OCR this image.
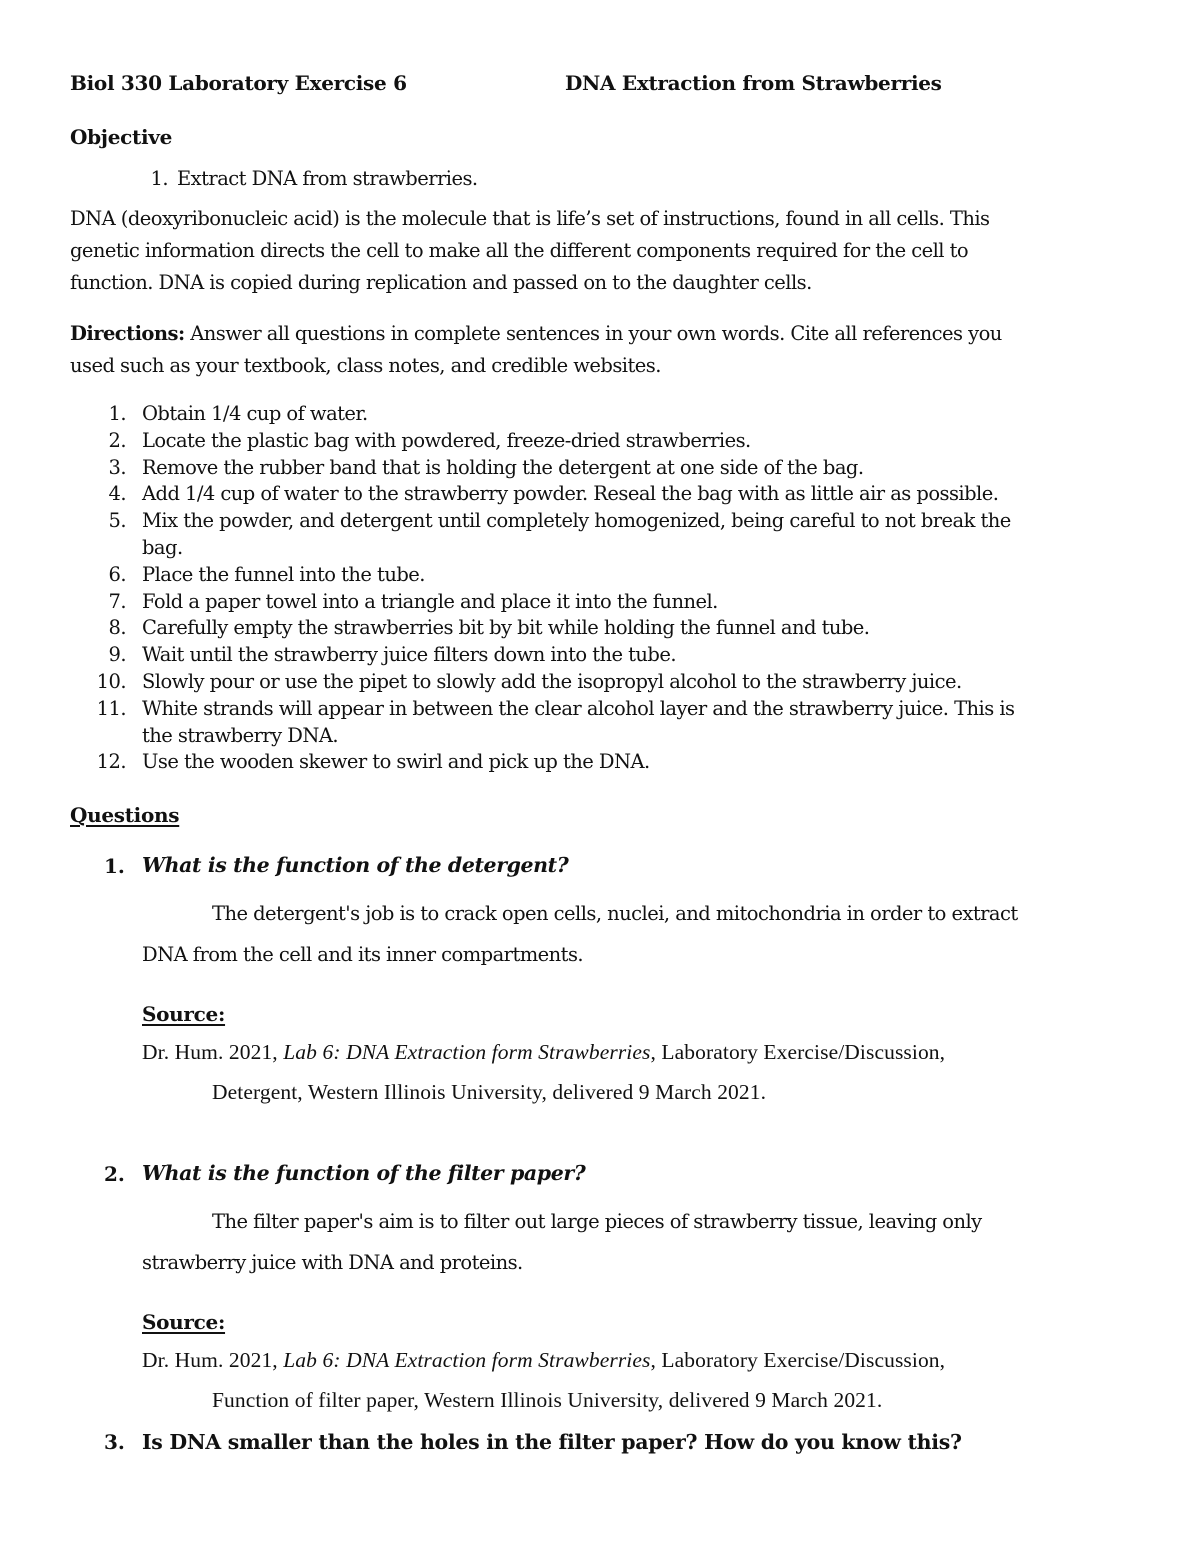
Biol 330 Laboratory Exercise 6	DNA Extraction from Strawberries
Objective
1. Extract DNA from strawberries.
DNA (deoxyribonucleic acid) is the molecule that is life’s set of instructions, found in all cells. This
genetic information directs the cell to make all the different components required for the cell to
function. DNA is copied during replication and passed on to the daughter cells.
Directions: Answer all questions in complete sentences in your own words. Cite all references you
used such as your textbook, class notes, and credible websites.
1. Obtain 1/4 cup of water.
2. Locate the plastic bag with powdered, freeze-dried strawberries.
3. Remove the rubber band that is holding the detergent at one side of the bag.
4. Add 1/4 cup of water to the strawberry powder. Reseal the bag with as little air as possible.
5. Mix the powder, and detergent until completely homogenized, being careful to not break the
bag.
6. Place the funnel into the tube.
7. Fold a paper towel into a triangle and place it into the funnel.
8. Carefully empty the strawberries bit by bit while holding the funnel and tube.
9. Wait until the strawberry juice filters down into the tube.
10. Slowly pour or use the pipet to slowly add the isopropyl alcohol to the strawberry juice.
11. White strands will appear in between the clear alcohol layer and the strawberry juice. This is
the strawberry DNA.
12. Use the wooden skewer to swirl and pick up the DNA.
Questions
1. What is the function of the detergent?
The detergent's job is to crack open cells, nuclei, and mitochondria in order to extract
DNA from the cell and its inner compartments.
Source:
Dr. Hum. 2021, Lab 6: DNA Extraction form Strawberries, Laboratory Exercise/Discussion,
Detergent, Western Illinois University, delivered 9 March 2021.
2. What is the function of the filter paper?
The filter paper's aim is to filter out large pieces of strawberry tissue, leaving only
strawberry juice with DNA and proteins.
Source:
Dr. Hum. 2021, Lab 6: DNA Extraction form Strawberries, Laboratory Exercise/Discussion,
Function of filter paper, Western Illinois University, delivered 9 March 2021.
3. Is DNA smaller than the holes in the filter paper? How do you know this?
